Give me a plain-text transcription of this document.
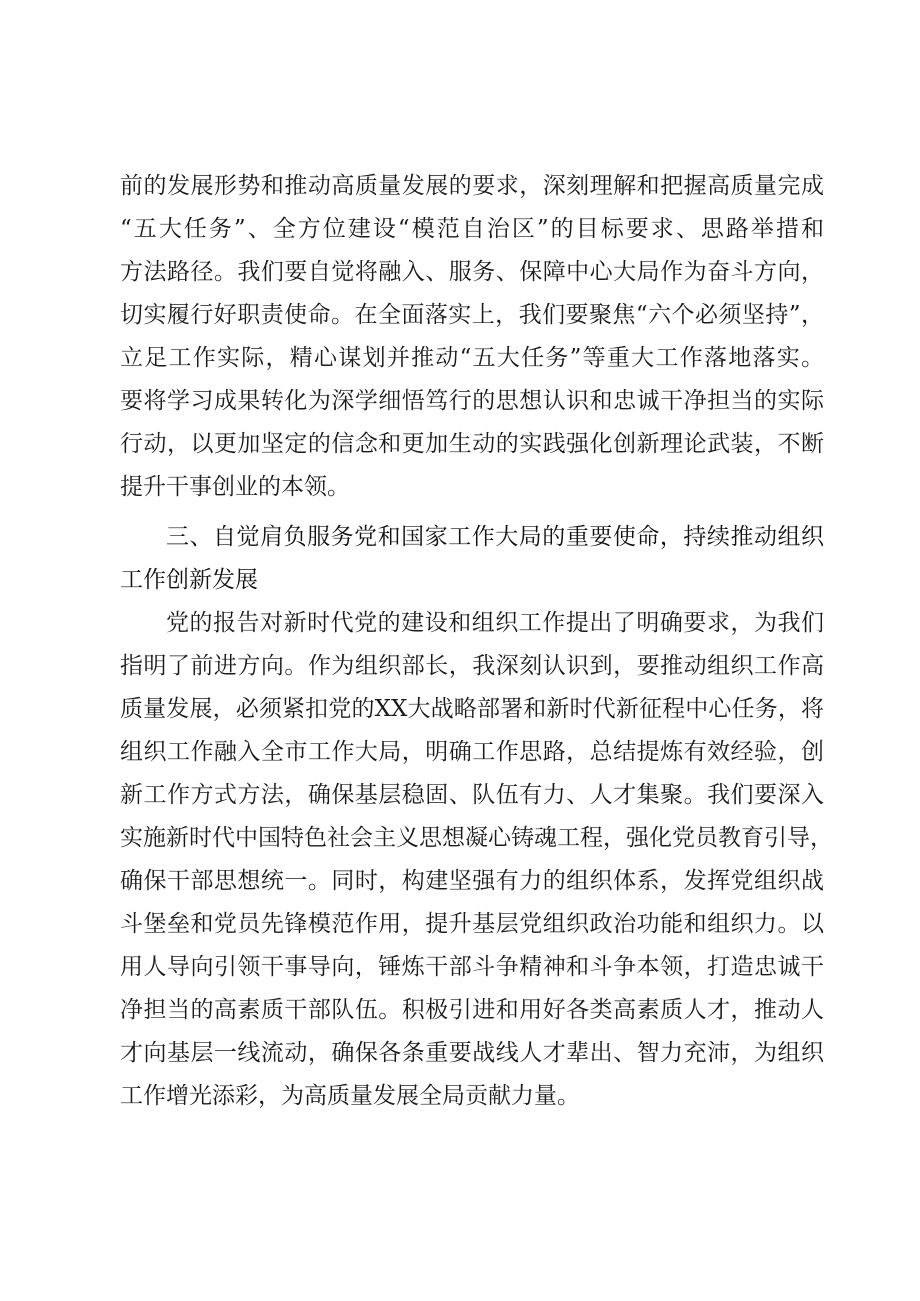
前的发展形势和推动高质量发展的要求，深刻理解和把握高质量完成
“五大任务”、全方位建设“模范自治区”的目标要求、思路举措和
方法路径。我们要自觉将融入、服务、保障中心大局作为奋斗方向，
切实履行好职责使命。在全面落实上，我们要聚焦“六个必须坚持”，
立足工作实际，精心谋划并推动“五大任务”等重大工作落地落实。
要将学习成果转化为深学细悟笃行的思想认识和忠诚干净担当的实际
行动，以更加坚定的信念和更加生动的实践强化创新理论武装，不断
提升干事创业的本领。
三、自觉肩负服务党和国家工作大局的重要使命，持续推动组织
工作创新发展
党的报告对新时代党的建设和组织工作提出了明确要求，为我们
指明了前进方向。作为组织部长，我深刻认识到，要推动组织工作高
质量发展，必须紧扣党的XX大战略部署和新时代新征程中心任务，将
组织工作融入全市工作大局，明确工作思路，总结提炼有效经验，创
新工作方式方法，确保基层稳固、队伍有力、人才集聚。我们要深入
实施新时代中国特色社会主义思想凝心铸魂工程，强化党员教育引导，
确保干部思想统一。同时，构建坚强有力的组织体系，发挥党组织战
斗堡垒和党员先锋模范作用，提升基层党组织政治功能和组织力。以
用人导向引领干事导向，锤炼干部斗争精神和斗争本领，打造忠诚干
净担当的高素质干部队伍。积极引进和用好各类高素质人才，推动人
才向基层一线流动，确保各条重要战线人才辈出、智力充沛，为组织
工作增光添彩，为高质量发展全局贡献力量。
